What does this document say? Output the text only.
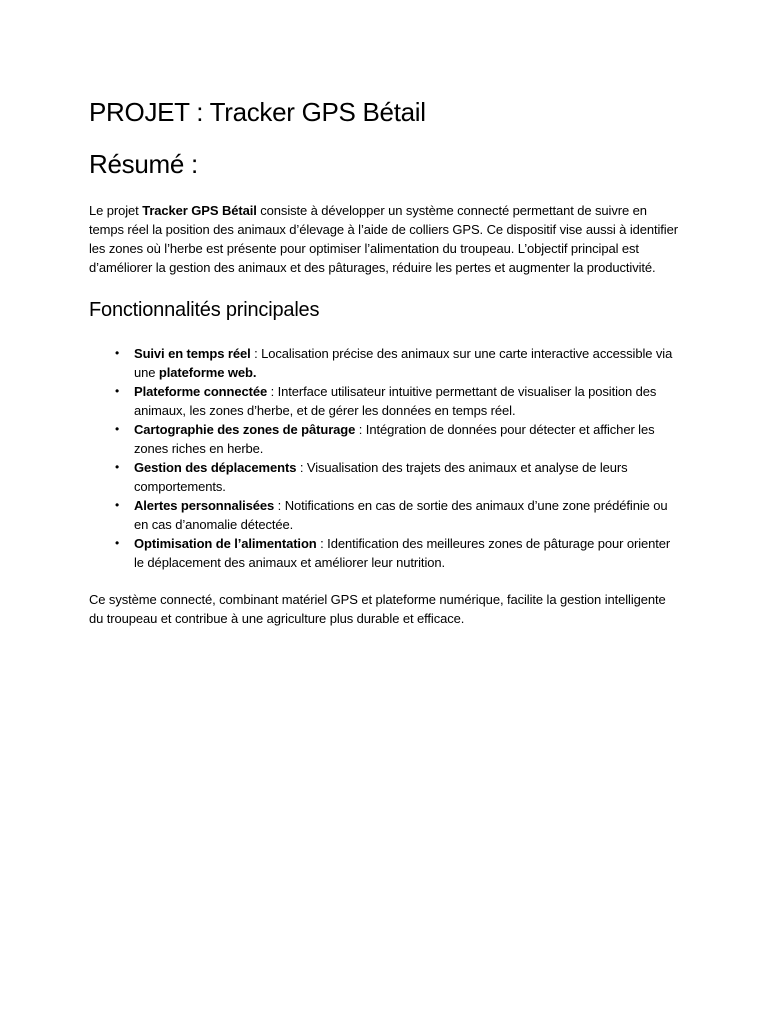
PROJET : Tracker GPS Bétail
Résumé :

Le projet Tracker GPS Bétail consiste à développer un système connecté permettant de suivre en temps réel la position des animaux d’élevage à l’aide de colliers GPS. Ce dispositif vise aussi à identifier les zones où l’herbe est présente pour optimiser l’alimentation du troupeau. L’objectif principal est d’améliorer la gestion des animaux et des pâturages, réduire les pertes et augmenter la productivité.

Fonctionnalités principales
• Suivi en temps réel : Localisation précise des animaux sur une carte interactive accessible via une plateforme web.
• Plateforme connectée : Interface utilisateur intuitive permettant de visualiser la position des animaux, les zones d’herbe, et de gérer les données en temps réel.
• Cartographie des zones de pâturage : Intégration de données pour détecter et afficher les zones riches en herbe.
• Gestion des déplacements : Visualisation des trajets des animaux et analyse de leurs comportements.
• Alertes personnalisées : Notifications en cas de sortie des animaux d’une zone prédéfinie ou en cas d’anomalie détectée.
• Optimisation de l’alimentation : Identification des meilleures zones de pâturage pour orienter le déplacement des animaux et améliorer leur nutrition.

Ce système connecté, combinant matériel GPS et plateforme numérique, facilite la gestion intelligente du troupeau et contribue à une agriculture plus durable et efficace.
